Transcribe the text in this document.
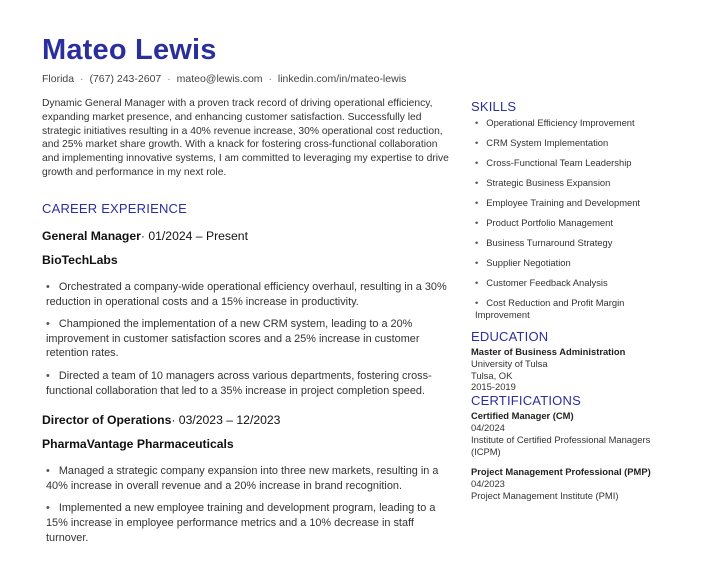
Mateo Lewis
Florida · (767) 243-2607 · mateo@lewis.com · linkedin.com/in/mateo-lewis

Dynamic General Manager with a proven track record of driving operational efficiency, expanding market presence, and enhancing customer satisfaction. Successfully led strategic initiatives resulting in a 40% revenue increase, 30% operational cost reduction, and 25% market share growth. With a knack for fostering cross-functional collaboration and implementing innovative systems, I am committed to leveraging my expertise to drive growth and performance in my next role.

CAREER EXPERIENCE

General Manager· 01/2024 – Present

BioTechLabs

• Orchestrated a company-wide operational efficiency overhaul, resulting in a 30% reduction in operational costs and a 15% increase in productivity.
• Championed the implementation of a new CRM system, leading to a 20% improvement in customer satisfaction scores and a 25% increase in customer retention rates.
• Directed a team of 10 managers across various departments, fostering cross-functional collaboration that led to a 35% increase in project completion speed.

Director of Operations· 03/2023 – 12/2023

PharmaVantage Pharmaceuticals

• Managed a strategic company expansion into three new markets, resulting in a 40% increase in overall revenue and a 20% increase in brand recognition.
• Implemented a new employee training and development program, leading to a 15% increase in employee performance metrics and a 10% decrease in staff turnover.
SKILLS
• Operational Efficiency Improvement
• CRM System Implementation
• Cross-Functional Team Leadership
• Strategic Business Expansion
• Employee Training and Development
• Product Portfolio Management
• Business Turnaround Strategy
• Supplier Negotiation
• Customer Feedback Analysis
• Cost Reduction and Profit Margin Improvement
EDUCATION
Master of Business Administration
University of Tulsa
Tulsa, OK
2015-2019
CERTIFICATIONS
Certified Manager (CM)
04/2024
Institute of Certified Professional Managers (ICPM)
Project Management Professional (PMP)
04/2023
Project Management Institute (PMI)
